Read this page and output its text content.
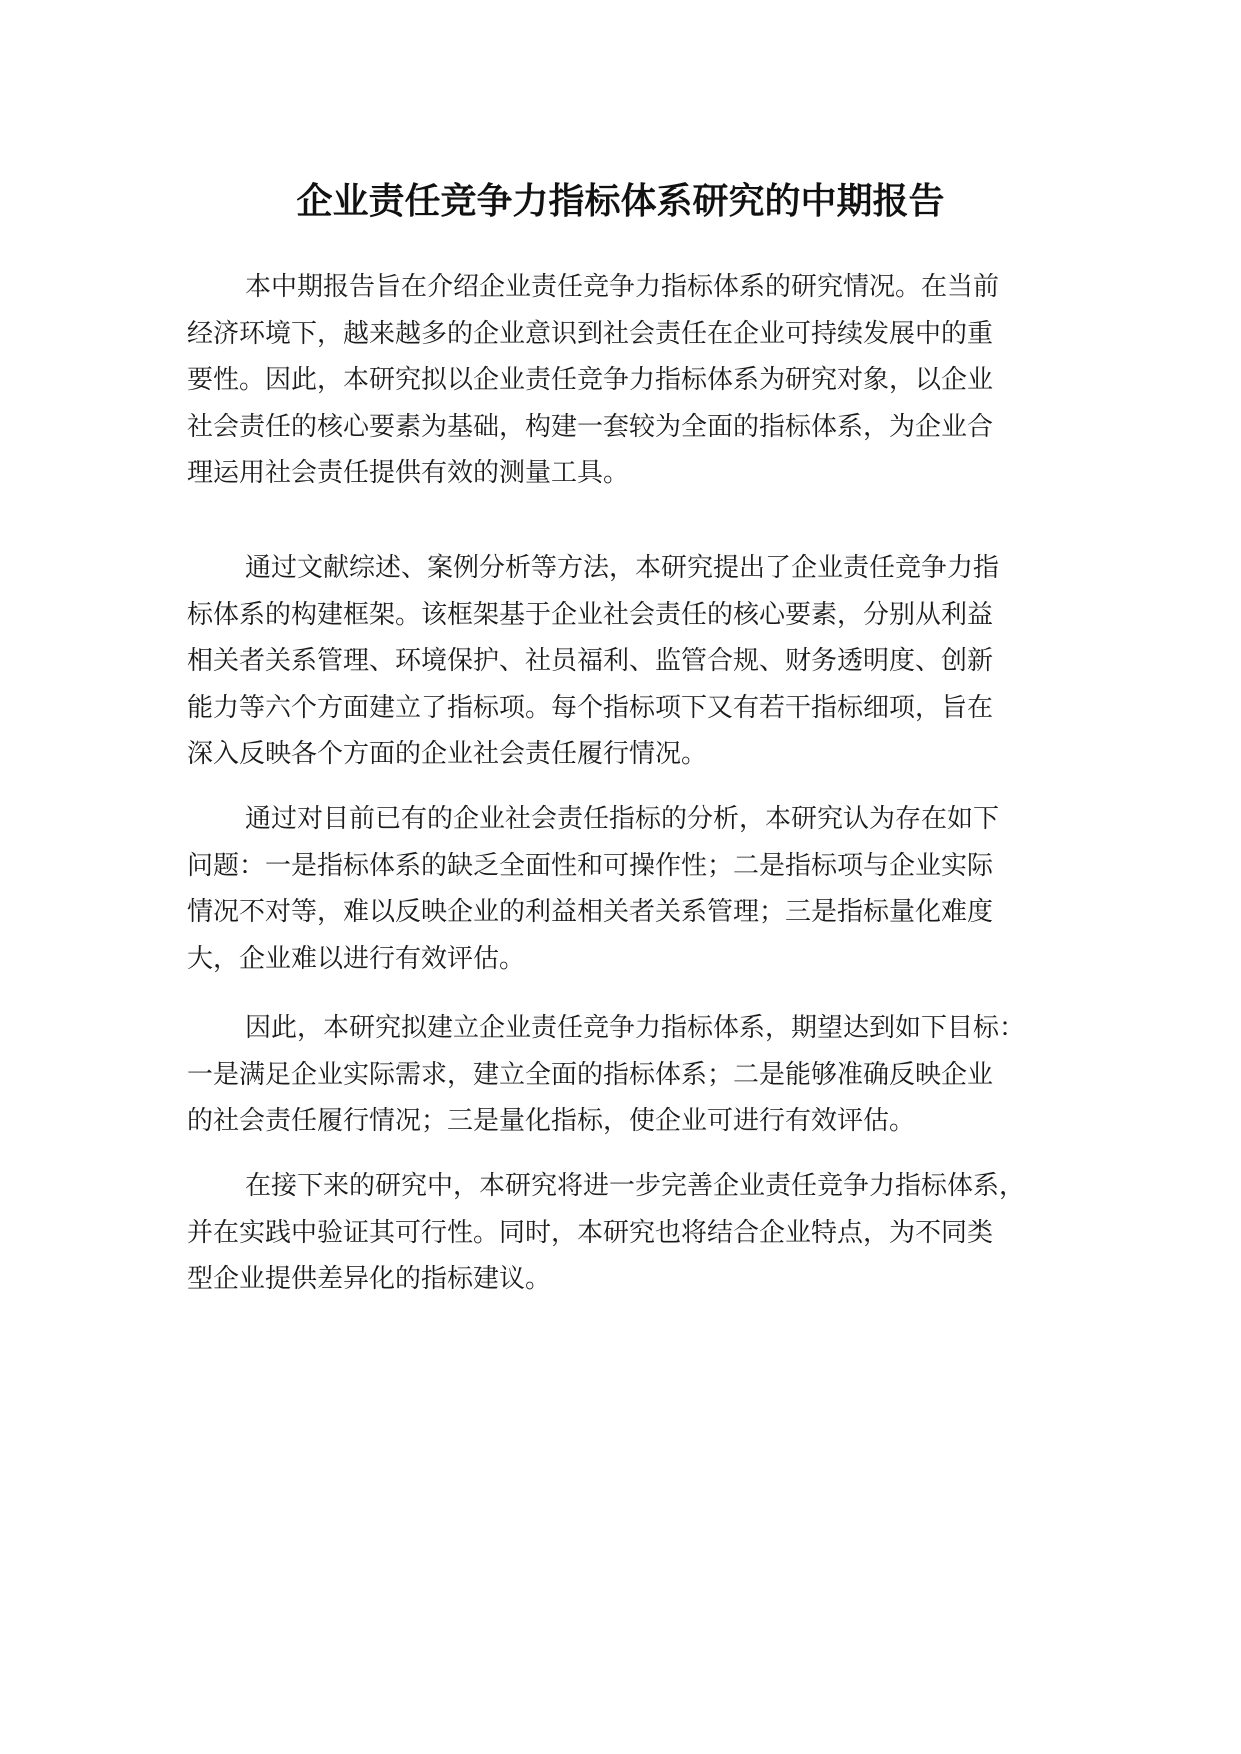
企业责任竞争力指标体系研究的中期报告
本中期报告旨在介绍企业责任竞争力指标体系的研究情况。在当前
经济环境下，越来越多的企业意识到社会责任在企业可持续发展中的重
要性。因此，本研究拟以企业责任竞争力指标体系为研究对象，以企业
社会责任的核心要素为基础，构建一套较为全面的指标体系，为企业合
理运用社会责任提供有效的测量工具。
通过文献综述、案例分析等方法，本研究提出了企业责任竞争力指
标体系的构建框架。该框架基于企业社会责任的核心要素，分别从利益
相关者关系管理、环境保护、社员福利、监管合规、财务透明度、创新
能力等六个方面建立了指标项。每个指标项下又有若干指标细项，旨在
深入反映各个方面的企业社会责任履行情况。
通过对目前已有的企业社会责任指标的分析，本研究认为存在如下
问题：一是指标体系的缺乏全面性和可操作性；二是指标项与企业实际
情况不对等，难以反映企业的利益相关者关系管理；三是指标量化难度
大，企业难以进行有效评估。
因此，本研究拟建立企业责任竞争力指标体系，期望达到如下目标：
一是满足企业实际需求，建立全面的指标体系；二是能够准确反映企业
的社会责任履行情况；三是量化指标，使企业可进行有效评估。
在接下来的研究中，本研究将进一步完善企业责任竞争力指标体系，
并在实践中验证其可行性。同时，本研究也将结合企业特点，为不同类
型企业提供差异化的指标建议。
